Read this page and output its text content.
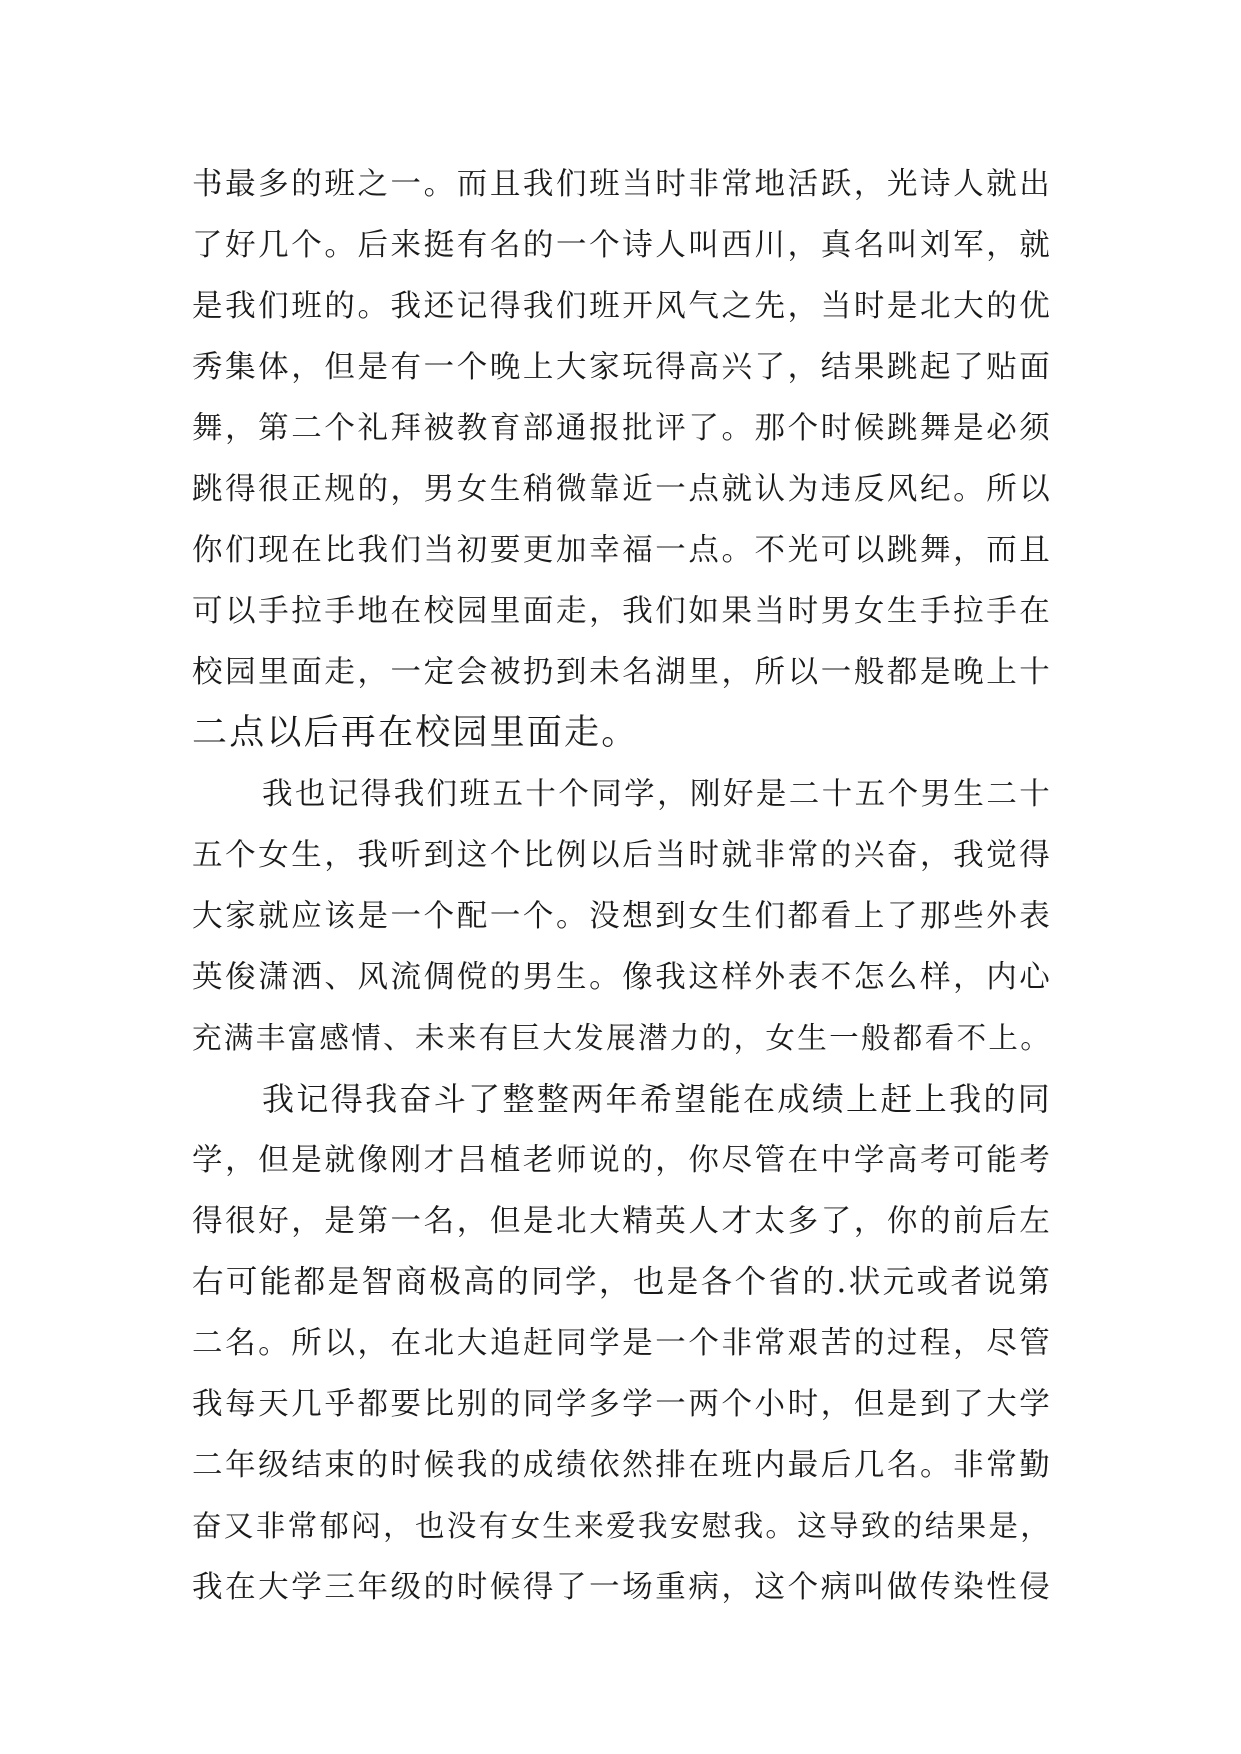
书最多的班之一。而且我们班当时非常地活跃，光诗人就出
了好几个。后来挺有名的一个诗人叫西川，真名叫刘军，就
是我们班的。我还记得我们班开风气之先，当时是北大的优
秀集体，但是有一个晚上大家玩得高兴了，结果跳起了贴面
舞，第二个礼拜被教育部通报批评了。那个时候跳舞是必须
跳得很正规的，男女生稍微靠近一点就认为违反风纪。所以
你们现在比我们当初要更加幸福一点。不光可以跳舞，而且
可以手拉手地在校园里面走，我们如果当时男女生手拉手在
校园里面走，一定会被扔到未名湖里，所以一般都是晚上十
二点以后再在校园里面走。

我也记得我们班五十个同学，刚好是二十五个男生二十
五个女生，我听到这个比例以后当时就非常的兴奋，我觉得
大家就应该是一个配一个。没想到女生们都看上了那些外表
英俊潇洒、风流倜傥的男生。像我这样外表不怎么样，内心
充满丰富感情、未来有巨大发展潜力的，女生一般都看不上。

我记得我奋斗了整整两年希望能在成绩上赶上我的同
学，但是就像刚才吕植老师说的，你尽管在中学高考可能考
得很好，是第一名，但是北大精英人才太多了，你的前后左
右可能都是智商极高的同学，也是各个省的.状元或者说第
二名。所以，在北大追赶同学是一个非常艰苦的过程，尽管
我每天几乎都要比别的同学多学一两个小时，但是到了大学
二年级结束的时候我的成绩依然排在班内最后几名。非常勤
奋又非常郁闷，也没有女生来爱我安慰我。这导致的结果是，
我在大学三年级的时候得了一场重病，这个病叫做传染性侵
